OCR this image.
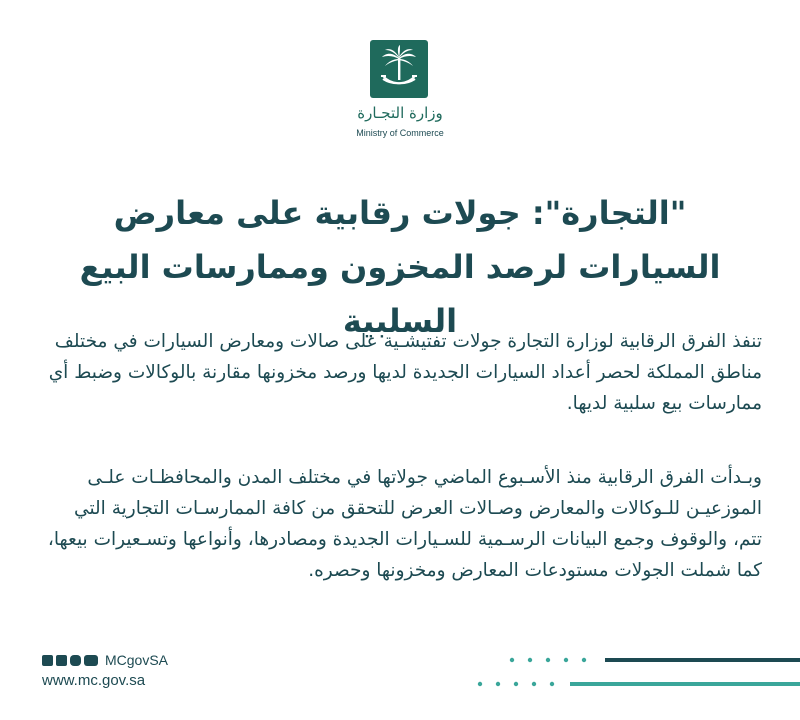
وزارة التجـارة
Ministry of Commerce
"التجارة": جولات رقابية على معارض السيارات لرصد المخزون وممارسات البيع السلبية

تنفذ الفرق الرقابية لوزارة التجارة جولات تفتيشـية على صالات ومعارض السيارات في مختلف مناطق المملكة لحصر أعداد السيارات الجديدة لديها ورصد مخزونها مقارنة بالوكالات وضبط أي ممارسات بيع سلبية لديها.

وبـدأت الفرق الرقابية منذ الأسـبوع الماضي جولاتها في مختلف المدن والمحافظـات علـى الموزعيـن للـوكالات والمعارض وصـالات العرض للتحقق من كافة الممارسـات التجارية التي تتم، والوقوف وجمع البيانات الرسـمية للسـيارات الجديدة ومصادرها، وأنواعها وتسـعيرات بيعها، كما شملت الجولات مستودعات المعارض ومخزونها وحصره.

MCgovSA
www.mc.gov.sa
